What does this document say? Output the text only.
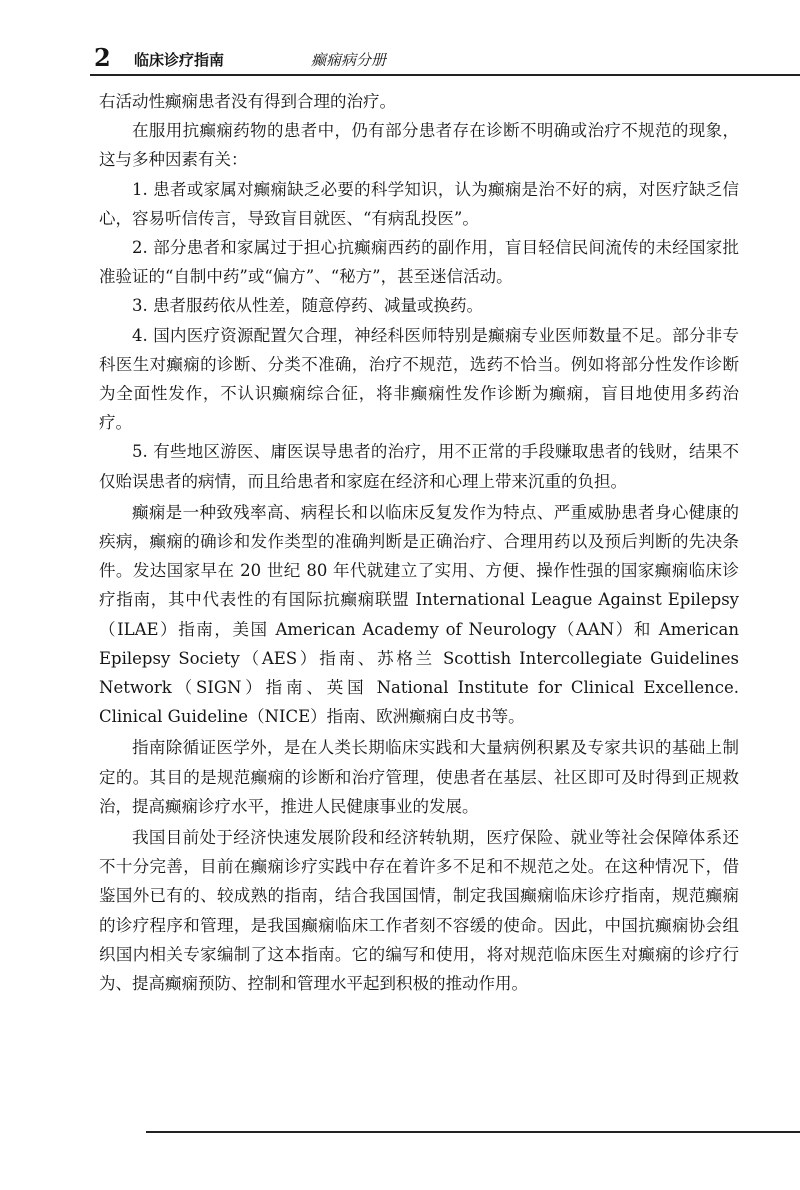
2 临床诊疗指南	癫痫病分册

右活动性癫痫患者没有得到合理的治疗。

在服用抗癫痫药物的患者中，仍有部分患者存在诊断不明确或治疗不规范的现象，这与多种因素有关：

1. 患者或家属对癫痫缺乏必要的科学知识，认为癫痫是治不好的病，对医疗缺乏信心，容易听信传言，导致盲目就医、“有病乱投医”。

2. 部分患者和家属过于担心抗癫痫西药的副作用，盲目轻信民间流传的未经国家批准验证的“自制中药”或“偏方”、“秘方”，甚至迷信活动。

3. 患者服药依从性差，随意停药、减量或换药。

4. 国内医疗资源配置欠合理，神经科医师特别是癫痫专业医师数量不足。部分非专科医生对癫痫的诊断、分类不准确，治疗不规范，选药不恰当。例如将部分性发作诊断为全面性发作，不认识癫痫综合征，将非癫痫性发作诊断为癫痫，盲目地使用多药治疗。

5. 有些地区游医、庸医误导患者的治疗，用不正常的手段赚取患者的钱财，结果不仅贻误患者的病情，而且给患者和家庭在经济和心理上带来沉重的负担。

癫痫是一种致残率高、病程长和以临床反复发作为特点、严重威胁患者身心健康的疾病，癫痫的确诊和发作类型的准确判断是正确治疗、合理用药以及预后判断的先决条件。发达国家早在 20 世纪 80 年代就建立了实用、方便、操作性强的国家癫痫临床诊疗指南，其中代表性的有国际抗癫痫联盟 International League Against Epilepsy（ILAE）指南，美国 American Academy of Neurology（AAN）和 American Epilepsy Society（AES）指南、苏格兰 Scottish Intercollegiate Guidelines Network（SIGN）指南、英国 National Institute for Clinical Excellence. Clinical Guideline（NICE）指南、欧洲癫痫白皮书等。

指南除循证医学外，是在人类长期临床实践和大量病例积累及专家共识的基础上制定的。其目的是规范癫痫的诊断和治疗管理，使患者在基层、社区即可及时得到正规救治，提高癫痫诊疗水平，推进人民健康事业的发展。

我国目前处于经济快速发展阶段和经济转轨期，医疗保险、就业等社会保障体系还不十分完善，目前在癫痫诊疗实践中存在着许多不足和不规范之处。在这种情况下，借鉴国外已有的、较成熟的指南，结合我国国情，制定我国癫痫临床诊疗指南，规范癫痫的诊疗程序和管理，是我国癫痫临床工作者刻不容缓的使命。因此，中国抗癫痫协会组织国内相关专家编制了这本指南。它的编写和使用，将对规范临床医生对癫痫的诊疗行为、提高癫痫预防、控制和管理水平起到积极的推动作用。
